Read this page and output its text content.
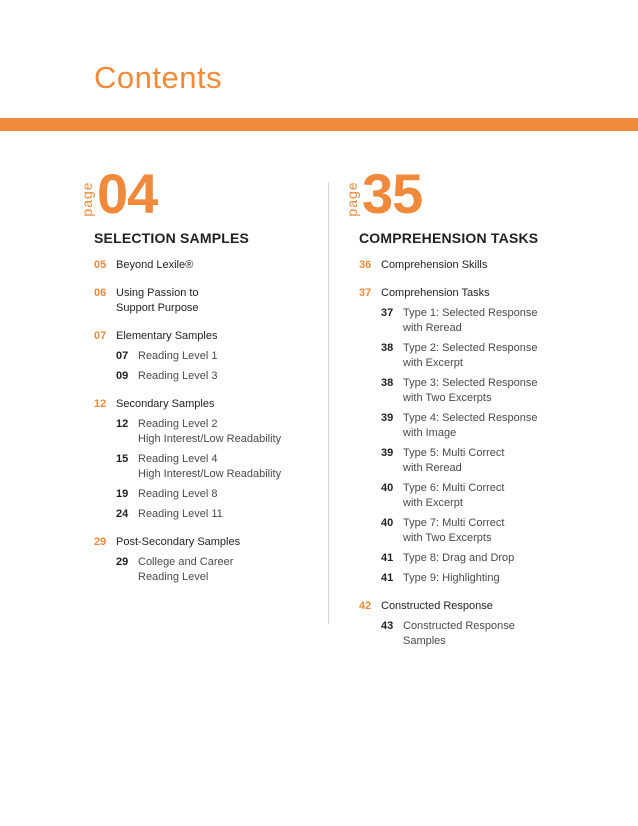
Contents
page 04
SELECTION SAMPLES
05 Beyond Lexile®
06 Using Passion to
Support Purpose
07 Elementary Samples
07 Reading Level 1
09 Reading Level 3
12 Secondary Samples
12 Reading Level 2
High Interest/Low Readability
15 Reading Level 4
High Interest/Low Readability
19 Reading Level 8
24 Reading Level 11
29 Post-Secondary Samples
29 College and Career
Reading Level
page 35
COMPREHENSION TASKS
36 Comprehension Skills
37 Comprehension Tasks
37 Type 1: Selected Response
with Reread
38 Type 2: Selected Response
with Excerpt
38 Type 3: Selected Response
with Two Excerpts
39 Type 4: Selected Response
with Image
39 Type 5: Multi Correct
with Reread
40 Type 6: Multi Correct
with Excerpt
40 Type 7: Multi Correct
with Two Excerpts
41 Type 8: Drag and Drop
41 Type 9: Highlighting
42 Constructed Response
43 Constructed Response
Samples
